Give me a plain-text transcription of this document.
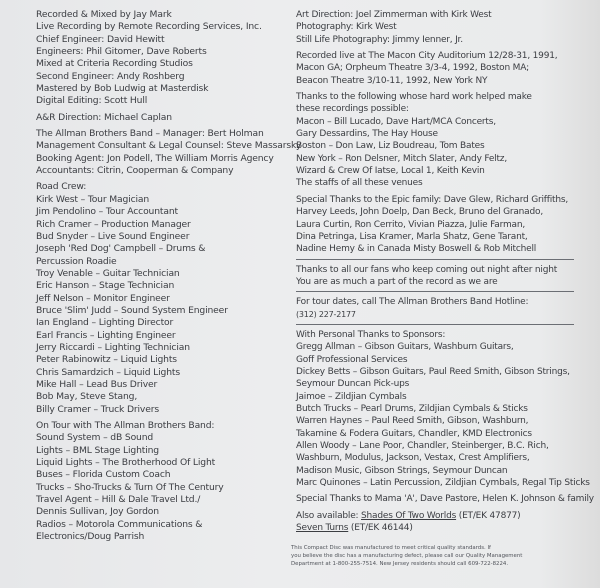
Recorded & Mixed by Jay Mark
Live Recording by Remote Recording Services, Inc.
Chief Engineer: David Hewitt
Engineers: Phil Gitomer, Dave Roberts
Mixed at Criteria Recording Studios
Second Engineer: Andy Roshberg
Mastered by Bob Ludwig at Masterdisk
Digital Editing: Scott Hull
A&R Direction: Michael Caplan
The Allman Brothers Band – Manager: Bert Holman
Management Consultant & Legal Counsel: Steve Massarsky
Booking Agent: Jon Podell, The William Morris Agency
Accountants: Citrin, Cooperman & Company
Road Crew:
Kirk West – Tour Magician
Jim Pendolino – Tour Accountant
Rich Cramer – Production Manager
Bud Snyder – Live Sound Engineer
Joseph 'Red Dog' Campbell – Drums &
Percussion Roadie
Troy Venable – Guitar Technician
Eric Hanson – Stage Technician
Jeff Nelson – Monitor Engineer
Bruce 'Slim' Judd – Sound System Engineer
Ian England – Lighting Director
Earl Francis – Lighting Engineer
Jerry Riccardi – Lighting Technician
Peter Rabinowitz – Liquid Lights
Chris Samardzich – Liquid Lights
Mike Hall – Lead Bus Driver
Bob May, Steve Stang,
Billy Cramer – Truck Drivers
On Tour with The Allman Brothers Band:
Sound System – dB Sound
Lights – BML Stage Lighting
Liquid Lights – The Brotherhood Of Light
Buses – Florida Custom Coach
Trucks – Sho-Trucks & Turn Of The Century
Travel Agent – Hill & Dale Travel Ltd./
Dennis Sullivan, Joy Gordon
Radios – Motorola Communications &
Electronics/Doug Parrish
Art Direction: Joel Zimmerman with Kirk West
Photography: Kirk West
Still Life Photography: Jimmy Ienner, Jr.
Recorded live at The Macon City Auditorium 12/28-31, 1991,
Macon GA; Orpheum Theatre 3/3-4, 1992, Boston MA;
Beacon Theatre 3/10-11, 1992, New York NY
Thanks to the following whose hard work helped make
these recordings possible:
Macon – Bill Lucado, Dave Hart/MCA Concerts,
Gary Dessardins, The Hay House
Boston – Don Law, Liz Boudreau, Tom Bates
New York – Ron Delsner, Mitch Slater, Andy Feltz,
Wizard & Crew Of Iatse, Local 1, Keith Kevin
The staffs of all these venues
Special Thanks to the Epic family: Dave Glew, Richard Griffiths,
Harvey Leeds, John Doelp, Dan Beck, Bruno del Granado,
Laura Curtin, Ron Cerrito, Vivian Piazza, Julie Farman,
Dina Petringa, Lisa Kramer, Marla Shatz, Gene Tarant,
Nadine Hemy & in Canada Misty Boswell & Rob Mitchell
Thanks to all our fans who keep coming out night after night
You are as much a part of the record as we are
For tour dates, call The Allman Brothers Band Hotline:
(312) 227-2177
With Personal Thanks to Sponsors:
Gregg Allman – Gibson Guitars, Washburn Guitars,
Goff Professional Services
Dickey Betts – Gibson Guitars, Paul Reed Smith, Gibson Strings,
Seymour Duncan Pick-ups
Jaimoe – Zildjian Cymbals
Butch Trucks – Pearl Drums, Zildjian Cymbals & Sticks
Warren Haynes – Paul Reed Smith, Gibson, Washburn,
Takamine & Fodera Guitars, Chandler, KMD Electronics
Allen Woody – Lane Poor, Chandler, Steinberger, B.C. Rich,
Washburn, Modulus, Jackson, Vestax, Crest Amplifiers,
Madison Music, Gibson Strings, Seymour Duncan
Marc Quinones – Latin Percussion, Zildjian Cymbals, Regal Tip Sticks
Special Thanks to Mama 'A', Dave Pastore, Helen K. Johnson & family
Also available: Shades Of Two Worlds (ET/EK 47877)
Seven Turns (ET/EK 46144)
This Compact Disc was manufactured to meet critical quality standards. If
you believe the disc has a manufacturing defect, please call our Quality Management
Department at 1-800-255-7514. New Jersey residents should call 609-722-8224.
